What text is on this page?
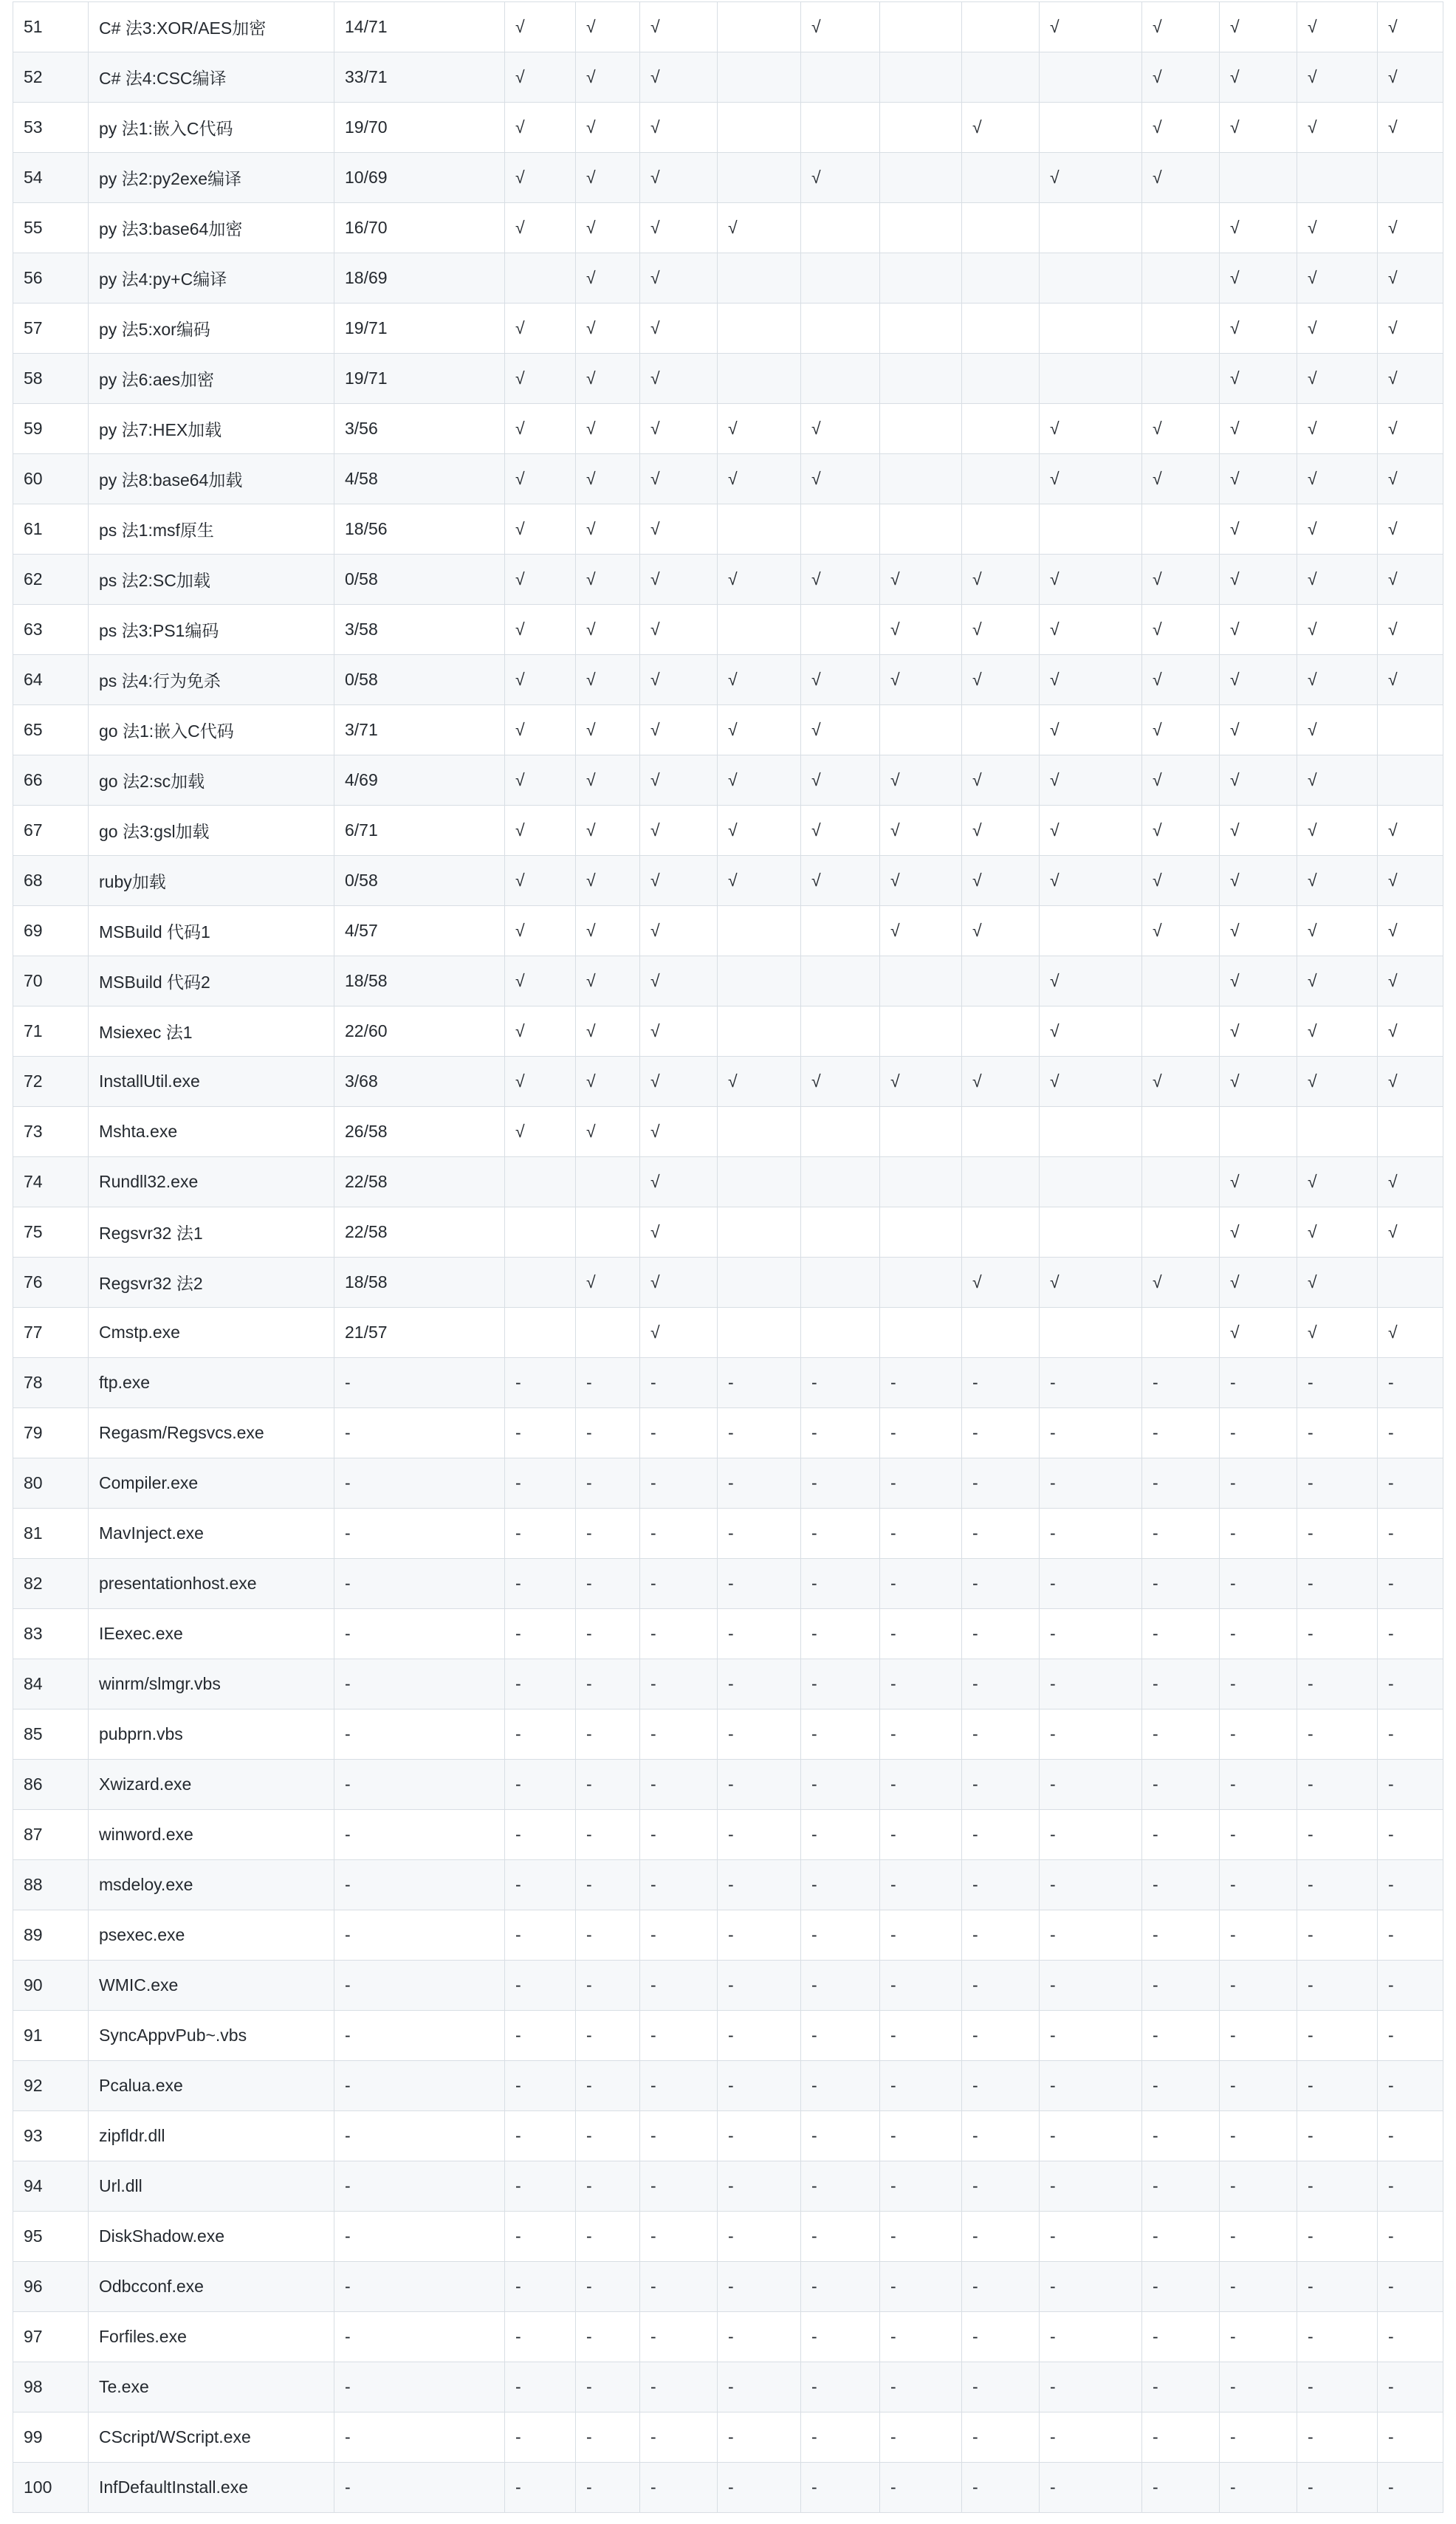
51	C# 法3:XOR/AES加密	14/71	√	√	√		√			√	√	√	√	√
52	C# 法4:CSC编译	33/71	√	√	√						√	√	√	√
53	py 法1:嵌入C代码	19/70	√	√	√				√		√	√	√	√
54	py 法2:py2exe编译	10/69	√	√	√		√			√	√			
55	py 法3:base64加密	16/70	√	√	√	√						√	√	√
56	py 法4:py+C编译	18/69		√	√							√	√	√
57	py 法5:xor编码	19/71	√	√	√							√	√	√
58	py 法6:aes加密	19/71	√	√	√							√	√	√
59	py 法7:HEX加载	3/56	√	√	√	√	√			√	√	√	√	√
60	py 法8:base64加载	4/58	√	√	√	√	√			√	√	√	√	√
61	ps 法1:msf原生	18/56	√	√	√							√	√	√
62	ps 法2:SC加载	0/58	√	√	√	√	√	√	√	√	√	√	√	√
63	ps 法3:PS1编码	3/58	√	√	√			√	√	√	√	√	√	√
64	ps 法4:行为免杀	0/58	√	√	√	√	√	√	√	√	√	√	√	√
65	go 法1:嵌入C代码	3/71	√	√	√	√	√			√	√	√	√	
66	go 法2:sc加载	4/69	√	√	√	√	√	√	√	√	√	√	√	
67	go 法3:gsl加载	6/71	√	√	√	√	√	√	√	√	√	√	√	√
68	ruby加载	0/58	√	√	√	√	√	√	√	√	√	√	√	√
69	MSBuild 代码1	4/57	√	√	√			√	√		√	√	√	√
70	MSBuild 代码2	18/58	√	√	√					√		√	√	√
71	Msiexec 法1	22/60	√	√	√					√		√	√	√
72	InstallUtil.exe	3/68	√	√	√	√	√	√	√	√	√	√	√	√
73	Mshta.exe	26/58	√	√	√									
74	Rundll32.exe	22/58			√							√	√	√
75	Regsvr32 法1	22/58			√							√	√	√
76	Regsvr32 法2	18/58		√	√				√	√	√	√	√	
77	Cmstp.exe	21/57			√							√	√	√
78	ftp.exe	-	-	-	-	-	-	-	-	-	-	-	-	-
79	Regasm/Regsvcs.exe	-	-	-	-	-	-	-	-	-	-	-	-	-
80	Compiler.exe	-	-	-	-	-	-	-	-	-	-	-	-	-
81	MavInject.exe	-	-	-	-	-	-	-	-	-	-	-	-	-
82	presentationhost.exe	-	-	-	-	-	-	-	-	-	-	-	-	-
83	IEexec.exe	-	-	-	-	-	-	-	-	-	-	-	-	-
84	winrm/slmgr.vbs	-	-	-	-	-	-	-	-	-	-	-	-	-
85	pubprn.vbs	-	-	-	-	-	-	-	-	-	-	-	-	-
86	Xwizard.exe	-	-	-	-	-	-	-	-	-	-	-	-	-
87	winword.exe	-	-	-	-	-	-	-	-	-	-	-	-	-
88	msdeloy.exe	-	-	-	-	-	-	-	-	-	-	-	-	-
89	psexec.exe	-	-	-	-	-	-	-	-	-	-	-	-	-
90	WMIC.exe	-	-	-	-	-	-	-	-	-	-	-	-	-
91	SyncAppvPub~.vbs	-	-	-	-	-	-	-	-	-	-	-	-	-
92	Pcalua.exe	-	-	-	-	-	-	-	-	-	-	-	-	-
93	zipfldr.dll	-	-	-	-	-	-	-	-	-	-	-	-	-
94	Url.dll	-	-	-	-	-	-	-	-	-	-	-	-	-
95	DiskShadow.exe	-	-	-	-	-	-	-	-	-	-	-	-	-
96	Odbcconf.exe	-	-	-	-	-	-	-	-	-	-	-	-	-
97	Forfiles.exe	-	-	-	-	-	-	-	-	-	-	-	-	-
98	Te.exe	-	-	-	-	-	-	-	-	-	-	-	-	-
99	CScript/WScript.exe	-	-	-	-	-	-	-	-	-	-	-	-	-
100	InfDefaultInstall.exe	-	-	-	-	-	-	-	-	-	-	-	-	-
